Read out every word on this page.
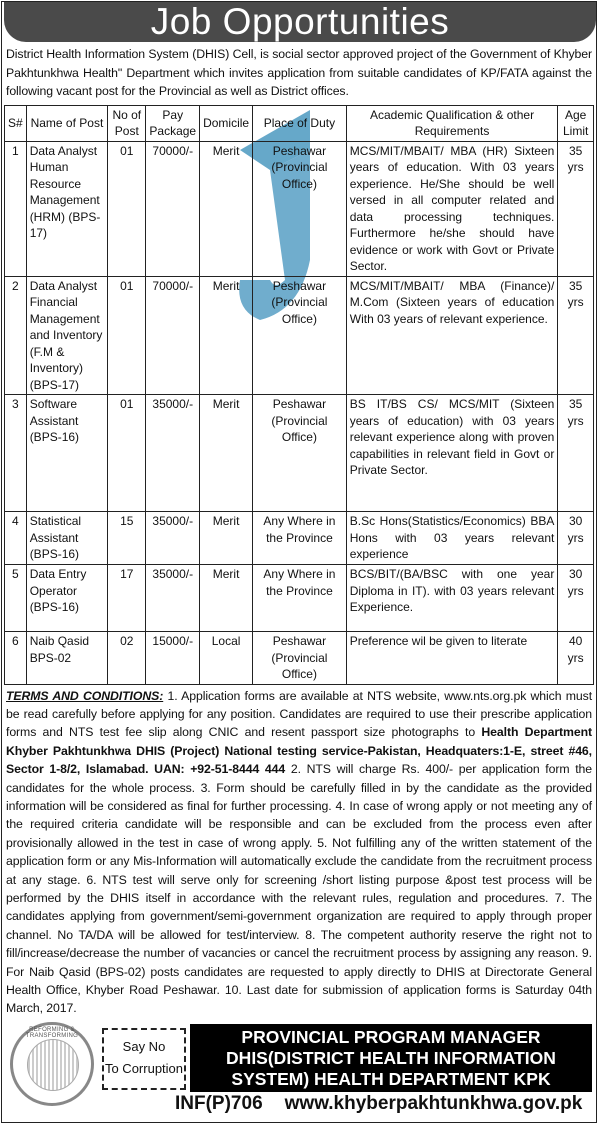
Job Opportunities
District Health Information System (DHIS) Cell, is social sector approved project of the Government of Khyber Pakhtunkhwa Health" Department which invites application from suitable candidates of KP/FATA against the following vacant post for the Provincial as well as District offices.
S#	Name of Post	No of Post	Pay Package	Domicile	Place of Duty	Academic Qualification & other Requirements	Age Limit
1	Data Analyst Human Resource Management (HRM) (BPS-17)	01	70000/-	Merit	Peshawar (Provincial Office)	MCS/MIT/MBAIT/ MBA (HR) Sixteen years of education. With 03 years experience. He/She should be well versed in all computer related and data processing techniques. Furthermore he/she should have evidence or work with Govt or Private Sector.	35 yrs
2	Data Analyst Financial Management and Inventory (F.M & Inventory) (BPS-17)	01	70000/-	Merit	Peshawar (Provincial Office)	MCS/MIT/MBAIT/ MBA (Finance)/ M.Com (Sixteen years of education With 03 years of relevant experience.	35 yrs
3	Software Assistant (BPS-16)	01	35000/-	Merit	Peshawar (Provincial Office)	BS IT/BS CS/ MCS/MIT (Sixteen years of education) with 03 years relevant experience along with proven capabilities in relevant field in Govt or Private Sector.	35 yrs
4	Statistical Assistant (BPS-16)	15	35000/-	Merit	Any Where in the Province	B.Sc Hons(Statistics/Economics) BBA Hons with 03 years relevant experience	30 yrs
5	Data Entry Operator (BPS-16)	17	35000/-	Merit	Any Where in the Province	BCS/BIT/(BA/BSC with one year Diploma in IT). with 03 years relevant Experience.	30 yrs
6	Naib Qasid BPS-02	02	15000/-	Local	Peshawar (Provincial Office)	Preference wil be given to literate	40 yrs
TERMS AND CONDITIONS: 1. Application forms are available at NTS website, www.nts.org.pk which must be read carefully before applying for any position. Candidates are required to use their prescribe application forms and NTS test fee slip along CNIC and resent passport size photographs to Health Department Khyber Pakhtunkhwa DHIS (Project) National testing service-Pakistan, Headquaters:1-E, street #46, Sector 1-8/2, Islamabad. UAN: +92-51-8444 444 2. NTS will charge Rs. 400/- per application form the candidates for the whole process. 3. Form should be carefully filled in by the candidate as the provided information will be considered as final for further processing. 4. In case of wrong apply or not meeting any of the required criteria candidate will be responsible and can be excluded from the process even after provisionally allowed in the test in case of wrong apply. 5. Not fulfilling any of the written statement of the application form or any Mis-Information will automatically exclude the candidate from the recruitment process at any stage. 6. NTS test will serve only for screening /short listing purpose &post test process will be performed by the DHIS itself in accordance with the relevant rules, regulation and procedures. 7. The candidates applying from government/semi-government organization are required to apply through proper channel. No TA/DA will be allowed for test/interview. 8. The competent authority reserve the right not to fill/increase/decrease the number of vacancies or cancel the recruitment process by assigning any reason. 9. For Naib Qasid (BPS-02) posts candidates are requested to apply directly to DHIS at Directorate General Health Office, Khyber Road Peshawar. 10. Last date for submission of application forms is Saturday 04th March, 2017.
REFORMING & TRANSFORMING
Say No
To Corruption
PROVINCIAL PROGRAM MANAGER
DHIS(DISTRICT HEALTH INFORMATION
SYSTEM) HEALTH DEPARTMENT KPK
INF(P)706 www.khyberpakhtunkhwa.gov.pk
